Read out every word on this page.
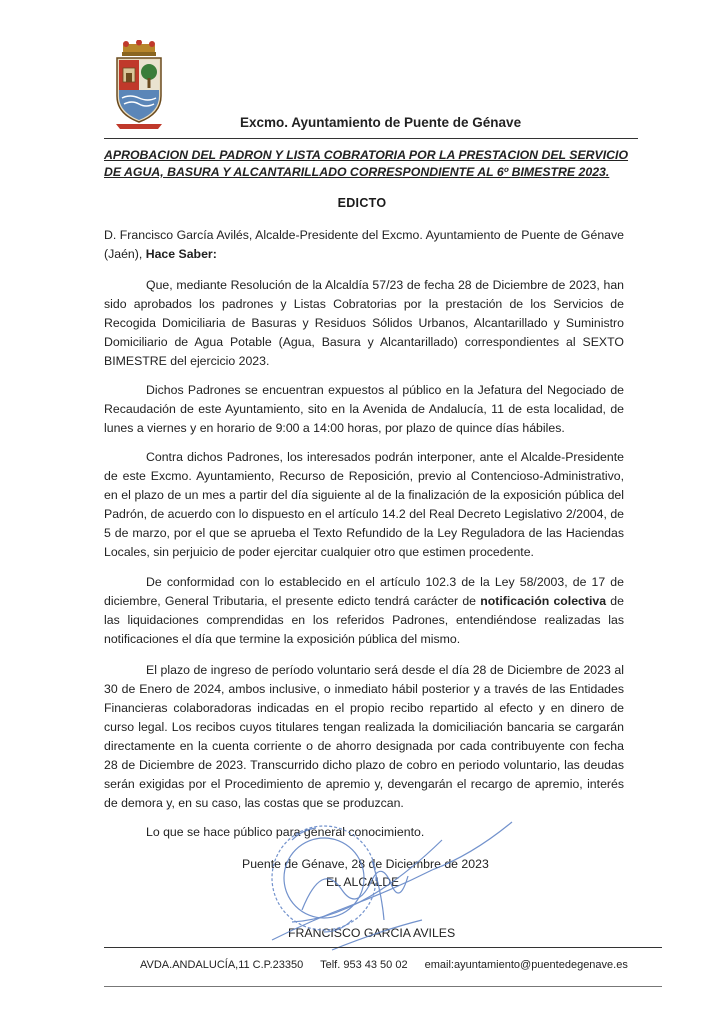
Excmo. Ayuntamiento de Puente de Génave
APROBACION DEL PADRON Y LISTA COBRATORIA POR LA PRESTACION DEL SERVICIO DE AGUA, BASURA Y ALCANTARILLADO CORRESPONDIENTE AL 6º BIMESTRE 2023.
EDICTO
D. Francisco García Avilés, Alcalde-Presidente del Excmo. Ayuntamiento de Puente de Génave (Jaén), Hace Saber:
Que, mediante Resolución de la Alcaldía 57/23 de fecha 28 de Diciembre de 2023, han sido aprobados los padrones y Listas Cobratorias por la prestación de los Servicios de Recogida Domiciliaria de Basuras y Residuos Sólidos Urbanos, Alcantarillado y Suministro Domiciliario de Agua Potable (Agua, Basura y Alcantarillado) correspondientes al SEXTO BIMESTRE del ejercicio 2023.
Dichos Padrones se encuentran expuestos al público en la Jefatura del Negociado de Recaudación de este Ayuntamiento, sito en la Avenida de Andalucía, 11 de esta localidad, de lunes a viernes y en horario de 9:00 a 14:00 horas, por plazo de quince días hábiles.
Contra dichos Padrones, los interesados podrán interponer, ante el Alcalde-Presidente de este Excmo. Ayuntamiento, Recurso de Reposición, previo al Contencioso-Administrativo, en el plazo de un mes a partir del día siguiente al de la finalización de la exposición pública del Padrón, de acuerdo con lo dispuesto en el artículo 14.2 del Real Decreto Legislativo 2/2004, de 5 de marzo, por el que se aprueba el Texto Refundido de la Ley Reguladora de las Haciendas Locales, sin perjuicio de poder ejercitar cualquier otro que estimen procedente.
De conformidad con lo establecido en el artículo 102.3 de la Ley 58/2003, de 17 de diciembre, General Tributaria, el presente edicto tendrá carácter de notificación colectiva de las liquidaciones comprendidas en los referidos Padrones, entendiéndose realizadas las notificaciones el día que termine la exposición pública del mismo.
El plazo de ingreso de período voluntario será desde el día 28 de Diciembre de 2023 al 30 de Enero de 2024, ambos inclusive, o inmediato hábil posterior y a través de las Entidades Financieras colaboradoras indicadas en el propio recibo repartido al efecto y en dinero de curso legal. Los recibos cuyos titulares tengan realizada la domiciliación bancaria se cargarán directamente en la cuenta corriente o de ahorro designada por cada contribuyente con fecha 28 de Diciembre de 2023. Transcurrido dicho plazo de cobro en periodo voluntario, las deudas serán exigidas por el Procedimiento de apremio y, devengarán el recargo de apremio, interés de demora y, en su caso, las costas que se produzcan.
Lo que se hace público para general conocimiento.
Puente de Génave, 28 de Diciembre de 2023
EL ALCALDE
FRANCISCO GARCIA AVILES
AVDA.ANDALUCÍA,11 C.P.23350 Telf. 953 43 50 02 email:ayuntamiento@puentedegenave.es
